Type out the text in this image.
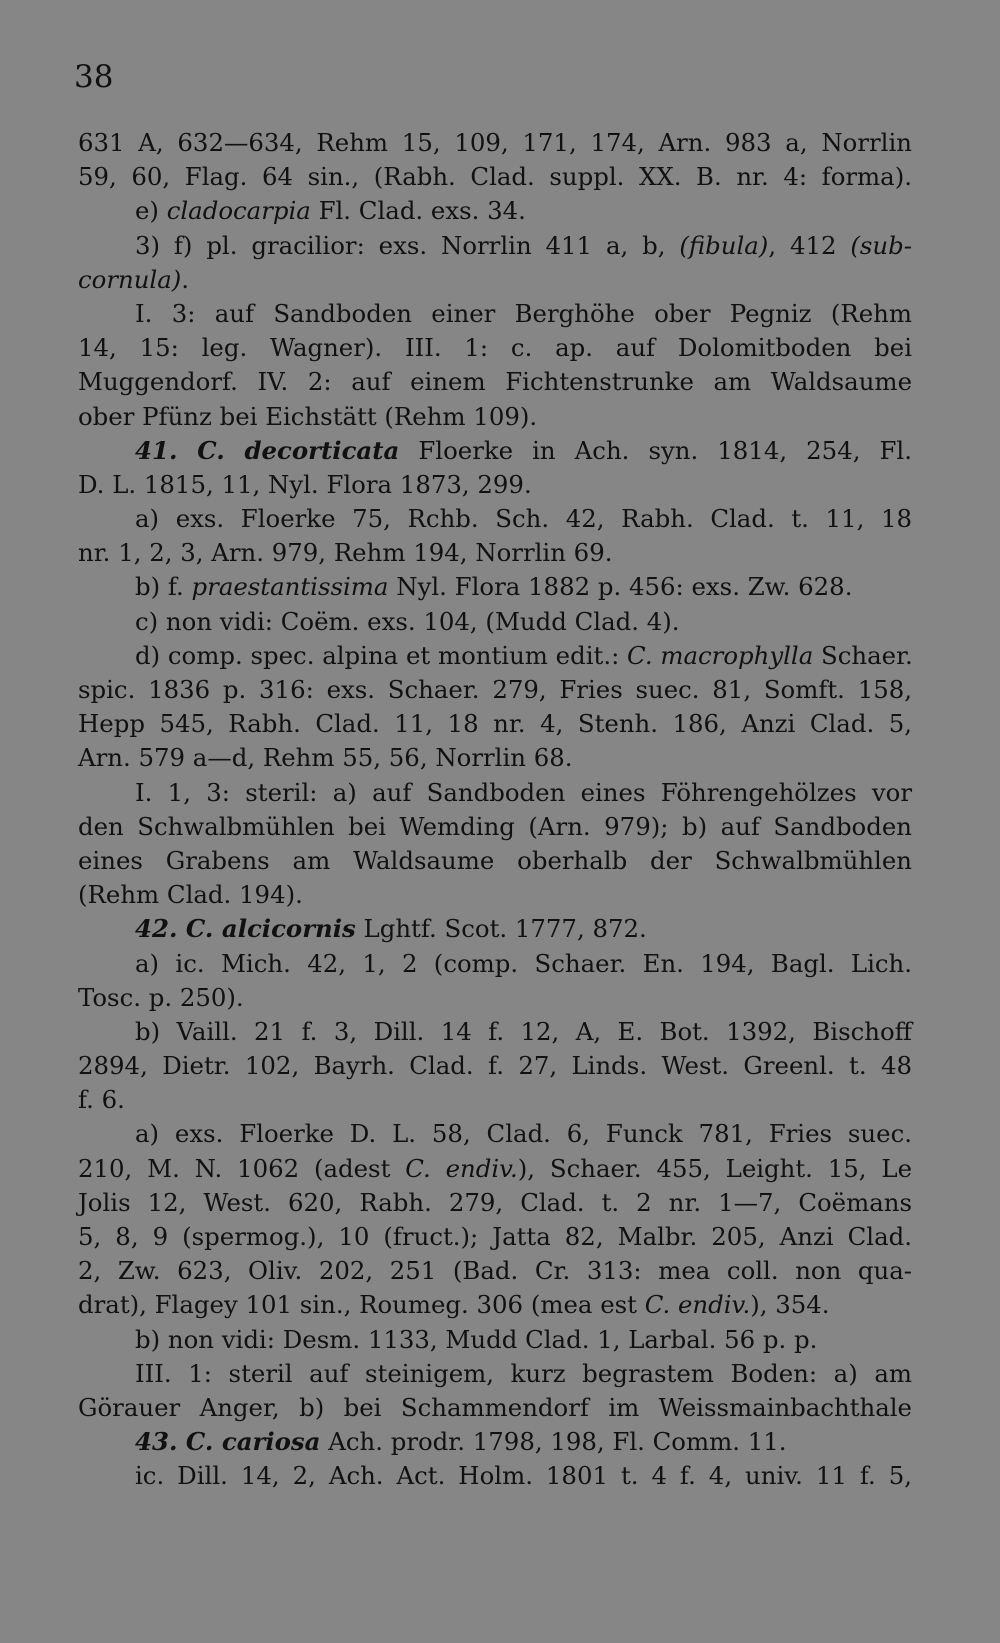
38
631 A, 632—634, Rehm 15, 109, 171, 174, Arn. 983 a, Norrlin
59, 60, Flag. 64 sin., (Rabh. Clad. suppl. XX. B. nr. 4: forma).
e) cladocarpia Fl. Clad. exs. 34.
3) f) pl. gracilior: exs. Norrlin 411 a, b, (fibula), 412 (sub-
cornula).
I. 3: auf Sandboden einer Berghöhe ober Pegniz (Rehm
14, 15: leg. Wagner). III. 1: c. ap. auf Dolomitboden bei
Muggendorf. IV. 2: auf einem Fichtenstrunke am Waldsaume
ober Pfünz bei Eichstätt (Rehm 109).
41. C. decorticata Floerke in Ach. syn. 1814, 254, Fl.
D. L. 1815, 11, Nyl. Flora 1873, 299.
a) exs. Floerke 75, Rchb. Sch. 42, Rabh. Clad. t. 11, 18
nr. 1, 2, 3, Arn. 979, Rehm 194, Norrlin 69.
b) f. praestantissima Nyl. Flora 1882 p. 456: exs. Zw. 628.
c) non vidi: Coëm. exs. 104, (Mudd Clad. 4).
d) comp. spec. alpina et montium edit.: C. macrophylla Schaer.
spic. 1836 p. 316: exs. Schaer. 279, Fries suec. 81, Somft. 158,
Hepp 545, Rabh. Clad. 11, 18 nr. 4, Stenh. 186, Anzi Clad. 5,
Arn. 579 a—d, Rehm 55, 56, Norrlin 68.
I. 1, 3: steril: a) auf Sandboden eines Föhrengehölzes vor
den Schwalbmühlen bei Wemding (Arn. 979); b) auf Sandboden
eines Grabens am Waldsaume oberhalb der Schwalbmühlen
(Rehm Clad. 194).
42. C. alcicornis Lghtf. Scot. 1777, 872.
a) ic. Mich. 42, 1, 2 (comp. Schaer. En. 194, Bagl. Lich.
Tosc. p. 250).
b) Vaill. 21 f. 3, Dill. 14 f. 12, A, E. Bot. 1392, Bischoff
2894, Dietr. 102, Bayrh. Clad. f. 27, Linds. West. Greenl. t. 48
f. 6.
a) exs. Floerke D. L. 58, Clad. 6, Funck 781, Fries suec.
210, M. N. 1062 (adest C. endiv.), Schaer. 455, Leight. 15, Le
Jolis 12, West. 620, Rabh. 279, Clad. t. 2 nr. 1—7, Coëmans
5, 8, 9 (spermog.), 10 (fruct.); Jatta 82, Malbr. 205, Anzi Clad.
2, Zw. 623, Oliv. 202, 251 (Bad. Cr. 313: mea coll. non qua-
drat), Flagey 101 sin., Roumeg. 306 (mea est C. endiv.), 354.
b) non vidi: Desm. 1133, Mudd Clad. 1, Larbal. 56 p. p.
III. 1: steril auf steinigem, kurz begrastem Boden: a) am
Görauer Anger, b) bei Schammendorf im Weissmainbachthale
43. C. cariosa Ach. prodr. 1798, 198, Fl. Comm. 11.
ic. Dill. 14, 2, Ach. Act. Holm. 1801 t. 4 f. 4, univ. 11 f. 5,
